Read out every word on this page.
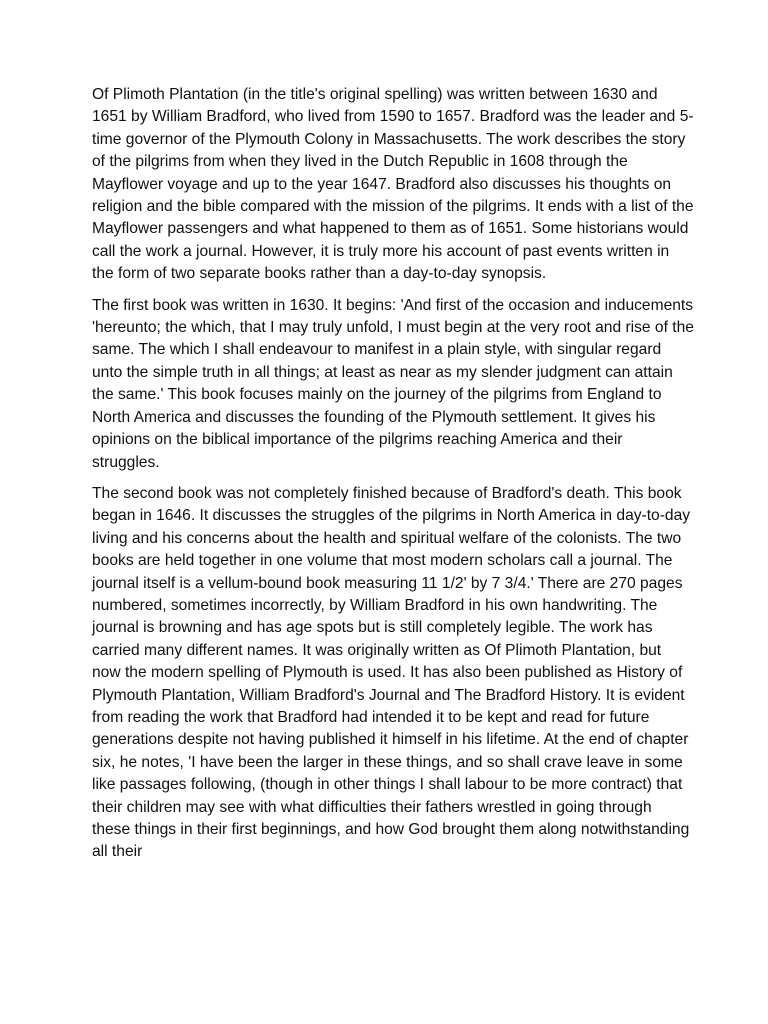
Of Plimoth Plantation (in the title's original spelling) was written between 1630 and 1651 by William Bradford, who lived from 1590 to 1657. Bradford was the leader and 5-time governor of the Plymouth Colony in Massachusetts. The work describes the story of the pilgrims from when they lived in the Dutch Republic in 1608 through the Mayflower voyage and up to the year 1647. Bradford also discusses his thoughts on religion and the bible compared with the mission of the pilgrims. It ends with a list of the Mayflower passengers and what happened to them as of 1651. Some historians would call the work a journal. However, it is truly more his account of past events written in the form of two separate books rather than a day-to-day synopsis.

The first book was written in 1630. It begins: 'And first of the occasion and inducements 'hereunto; the which, that I may truly unfold, I must begin at the very root and rise of the same. The which I shall endeavour to manifest in a plain style, with singular regard unto the simple truth in all things; at least as near as my slender judgment can attain the same.' This book focuses mainly on the journey of the pilgrims from England to North America and discusses the founding of the Plymouth settlement. It gives his opinions on the biblical importance of the pilgrims reaching America and their struggles.

The second book was not completely finished because of Bradford's death. This book began in 1646. It discusses the struggles of the pilgrims in North America in day-to-day living and his concerns about the health and spiritual welfare of the colonists. The two books are held together in one volume that most modern scholars call a journal. The journal itself is a vellum-bound book measuring 11 1/2' by 7 3/4.' There are 270 pages numbered, sometimes incorrectly, by William Bradford in his own handwriting. The journal is browning and has age spots but is still completely legible. The work has carried many different names. It was originally written as Of Plimoth Plantation, but now the modern spelling of Plymouth is used. It has also been published as History of Plymouth Plantation, William Bradford's Journal and The Bradford History. It is evident from reading the work that Bradford had intended it to be kept and read for future generations despite not having published it himself in his lifetime. At the end of chapter six, he notes, 'I have been the larger in these things, and so shall crave leave in some like passages following, (though in other things I shall labour to be more contract) that their children may see with what difficulties their fathers wrestled in going through these things in their first beginnings, and how God brought them along notwithstanding all their
